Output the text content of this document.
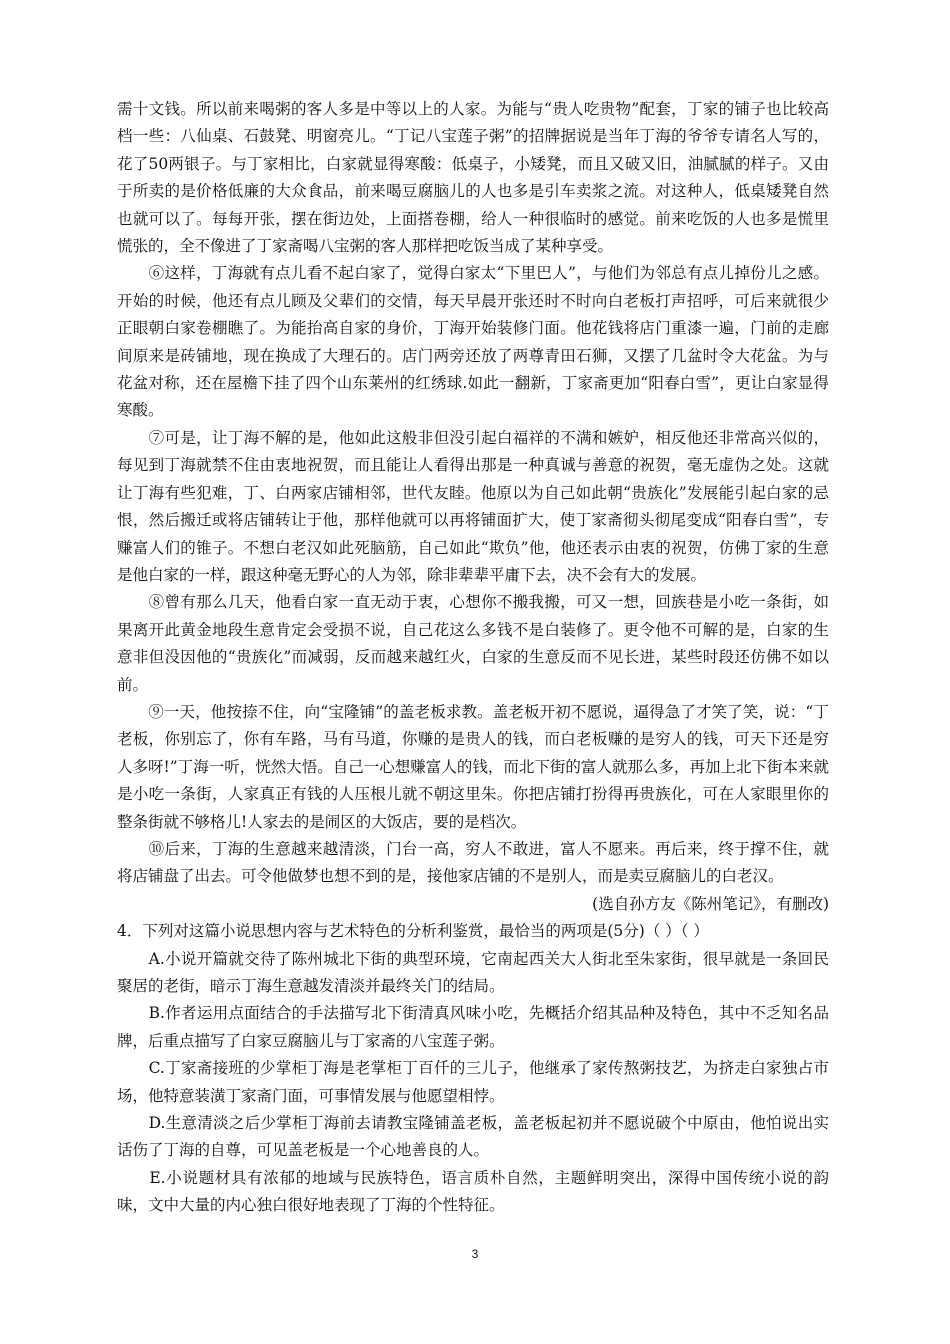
需十文钱。所以前来喝粥的客人多是中等以上的人家。为能与“贵人吃贵物”配套，丁家的铺子也比较高档一些：八仙桌、石鼓凳、明窗亮儿。“丁记八宝莲子粥”的招牌据说是当年丁海的爷爷专请名人写的，花了50两银子。与丁家相比，白家就显得寒酸：低桌子，小矮凳，而且又破又旧，油腻腻的样子。又由于所卖的是价格低廉的大众食品，前来喝豆腐脑儿的人也多是引车卖浆之流。对这种人，低桌矮凳自然也就可以了。每每开张，摆在街边处，上面搭卷棚，给人一种很临时的感觉。前来吃饭的人也多是慌里慌张的，全不像进了丁家斋喝八宝粥的客人那样把吃饭当成了某种享受。

　　⑥这样，丁海就有点儿看不起白家了，觉得白家太“下里巴人”，与他们为邻总有点儿掉份儿之感。开始的时候，他还有点儿顾及父辈们的交情，每天早晨开张还时不时向白老板打声招呼，可后来就很少正眼朝白家卷棚瞧了。为能抬高自家的身价，丁海开始装修门面。他花钱将店门重漆一遍，门前的走廊间原来是砖铺地，现在换成了大理石的。店门两旁还放了两尊青田石狮，又摆了几盆时令大花盆。为与花盆对称，还在屋檐下挂了四个山东莱州的红绣球.如此一翻新，丁家斋更加“阳春白雪”，更让白家显得寒酸。

　　⑦可是，让丁海不解的是，他如此这般非但没引起白福祥的不满和嫉妒，相反他还非常高兴似的，每见到丁海就禁不住由衷地祝贺，而且能让人看得出那是一种真诚与善意的祝贺，毫无虚伪之处。这就让丁海有些犯难，丁、白两家店铺相邻，世代友睦。他原以为自己如此朝“贵族化”发展能引起白家的忌恨，然后搬迁或将店铺转让于他，那样他就可以再将铺面扩大，使丁家斋彻头彻尾变成“阳春白雪”，专赚富人们的锥子。不想白老汉如此死脑筋，自己如此“欺负”他，他还表示由衷的祝贺，仿佛丁家的生意是他白家的一样，跟这种毫无野心的人为邻，除非辈辈平庸下去，决不会有大的发展。

　　⑧曾有那么几天，他看白家一直无动于衷，心想你不搬我搬，可又一想，回族巷是小吃一条街，如果离开此黄金地段生意肯定会受损不说，自己花这么多钱不是白装修了。更令他不可解的是，白家的生意非但没因他的“贵族化”而减弱，反而越来越红火，白家的生意反而不见长进，某些时段还仿佛不如以前。

　　⑨一天，他按捺不住，向“宝隆铺”的盖老板求教。盖老板开初不愿说，逼得急了才笑了笑，说：“丁老板，你别忘了，你有车路，马有马道，你赚的是贵人的钱，而白老板赚的是穷人的钱，可天下还是穷人多呀!”丁海一听，恍然大悟。自己一心想赚富人的钱，而北下街的富人就那么多，再加上北下街本来就是小吃一条街，人家真正有钱的人压根儿就不朝这里朱。你把店铺打扮得再贵族化，可在人家眼里你的整条街就不够格儿!人家去的是闹区的大饭店，要的是档次。

　　⑩后来，丁海的生意越来越清淡，门台一高，穷人不敢进，富人不愿来。再后来，终于撑不住，就将店铺盘了出去。可令他做梦也想不到的是，接他家店铺的不是别人，而是卖豆腐脑儿的白老汉。

(选自孙方友《陈州笔记》，有删改)

4．下列对这篇小说思想内容与艺术特色的分析利鉴赏，最恰当的两项是(5分)（ ）（ ）

　　A.小说开篇就交待了陈州城北下街的典型环境，它南起西关大人街北至朱家街，很早就是一条回民聚居的老街，暗示丁海生意越发清淡并最终关门的结局。

　　B.作者运用点面结合的手法描写北下街清真风味小吃，先概括介绍其品种及特色，其中不乏知名品牌，后重点描写了白家豆腐脑儿与丁家斋的八宝莲子粥。

　　C.丁家斋接班的少掌柜丁海是老掌柜丁百仟的三儿子，他继承了家传熬粥技艺，为挤走白家独占市场，他特意装潢丁家斋门面，可事情发展与他愿望相悖。

　　D.生意清淡之后少掌柜丁海前去请教宝隆铺盖老板，盖老板起初并不愿说破个中原由，他怕说出实话伤了丁海的自尊，可见盖老板是一个心地善良的人。

　　E.小说题材具有浓郁的地域与民族特色，语言质朴自然，主题鲜明突出，深得中国传统小说的韵味，文中大量的内心独白很好地表现了丁海的个性特征。

3
